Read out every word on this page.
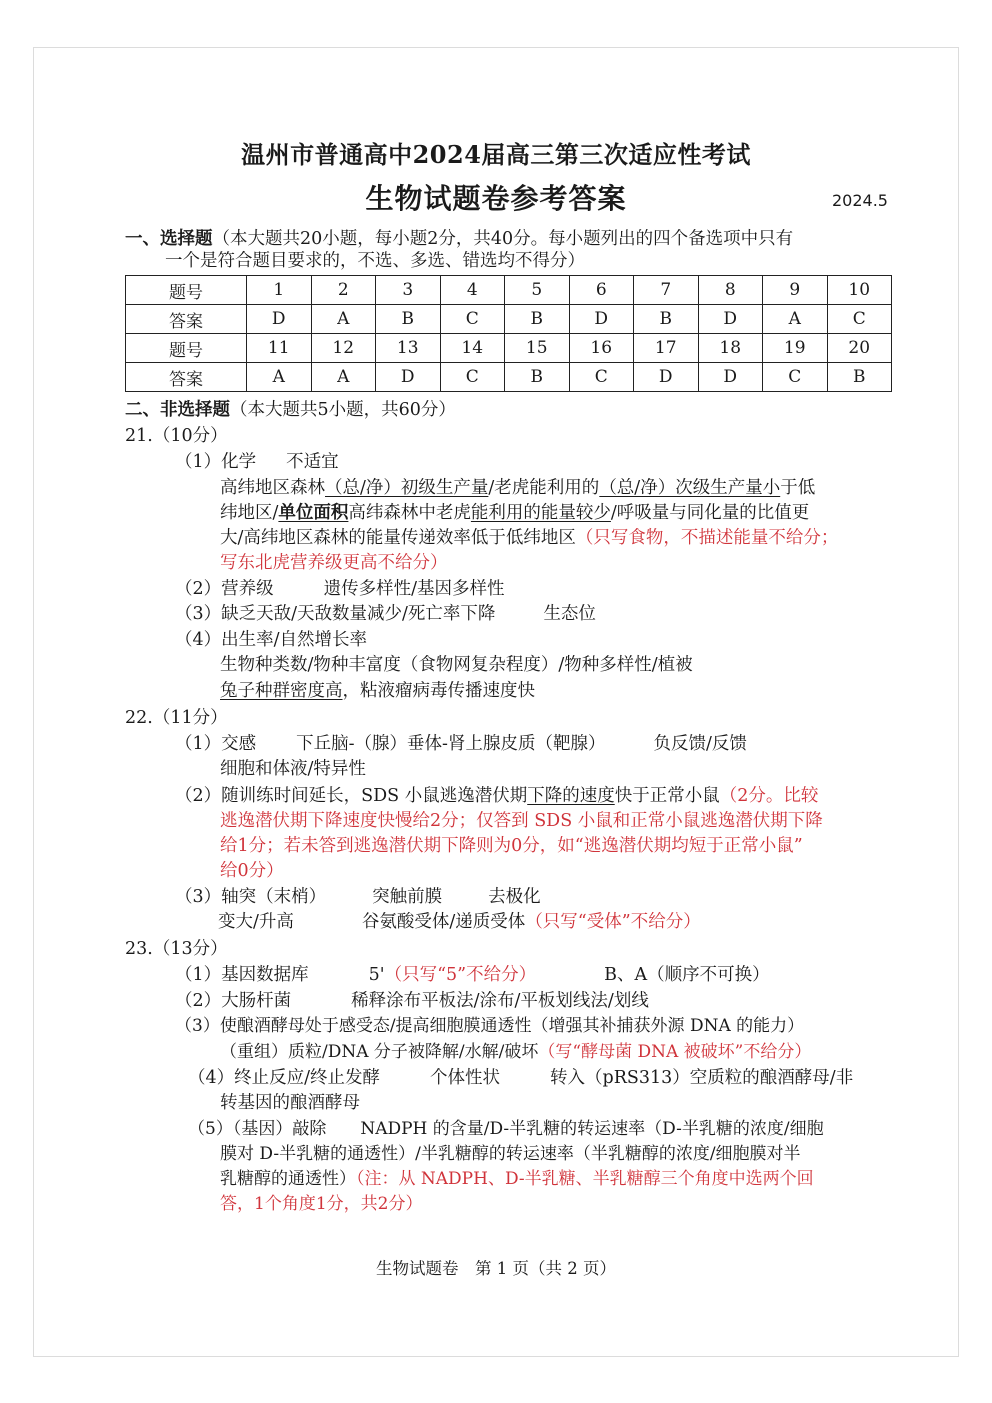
温州市普通高中2024届高三第三次适应性考试
生物试题卷参考答案	2024.5
一、选择题（本大题共20小题，每小题2分，共40分。每小题列出的四个备选项中只有
一个是符合题目要求的，不选、多选、错选均不得分）
题号	1	2	3	4	5	6	7	8	9	10
答案	D	A	B	C	B	D	B	D	A	C
题号	11	12	13	14	15	16	17	18	19	20
答案	A	A	D	C	B	C	D	D	C	B
二、非选择题（本大题共5小题，共60分）
21.（10分）
（1）化学 不适宜
高纬地区森林（总/净）初级生产量/老虎能利用的（总/净）次级生产量小于低
纬地区/单位面积高纬森林中老虎能利用的能量较少/呼吸量与同化量的比值更
大/高纬地区森林的能量传递效率低于低纬地区（只写食物，不描述能量不给分；
写东北虎营养级更高不给分）
（2）营养级	遗传多样性/基因多样性
（3）缺乏天敌/天敌数量减少/死亡率下降	生态位
（4）出生率/自然增长率
生物种类数/物种丰富度（食物网复杂程度）/物种多样性/植被
兔子种群密度高，粘液瘤病毒传播速度快
22.（11分）
（1）交感 下丘脑-（腺）垂体-肾上腺皮质（靶腺）	负反馈/反馈
细胞和体液/特异性
（2）随训练时间延长，SDS 小鼠逃逸潜伏期下降的速度快于正常小鼠（2分。比较
逃逸潜伏期下降速度快慢给2分；仅答到 SDS 小鼠和正常小鼠逃逸潜伏期下降
给1分；若未答到逃逸潜伏期下降则为0分，如“逃逸潜伏期均短于正常小鼠”
给0分）
（3）轴突（末梢）	突触前膜	去极化
变大/升高	谷氨酸受体/递质受体（只写“受体”不给分）
23.（13分）
（1）基因数据库	5'（只写“5”不给分）	B、A（顺序不可换）
（2）大肠杆菌	稀释涂布平板法/涂布/平板划线法/划线
（3）使酿酒酵母处于感受态/提高细胞膜通透性（增强其补捕获外源 DNA 的能力）
（重组）质粒/DNA 分子被降解/水解/破坏（写“酵母菌 DNA 被破坏”不给分）
（4）终止反应/终止发酵	个体性状	转入（pRS313）空质粒的酿酒酵母/非
转基因的酿酒酵母
（5）（基因）敲除　　NADPH 的含量/D-半乳糖的转运速率（D-半乳糖的浓度/细胞
膜对 D-半乳糖的通透性）/半乳糖醇的转运速率（半乳糖醇的浓度/细胞膜对半
乳糖醇的通透性）（注：从 NADPH、D-半乳糖、半乳糖醇三个角度中选两个回
答，1个角度1分，共2分）
生物试题卷　第 1 页（共 2 页）
